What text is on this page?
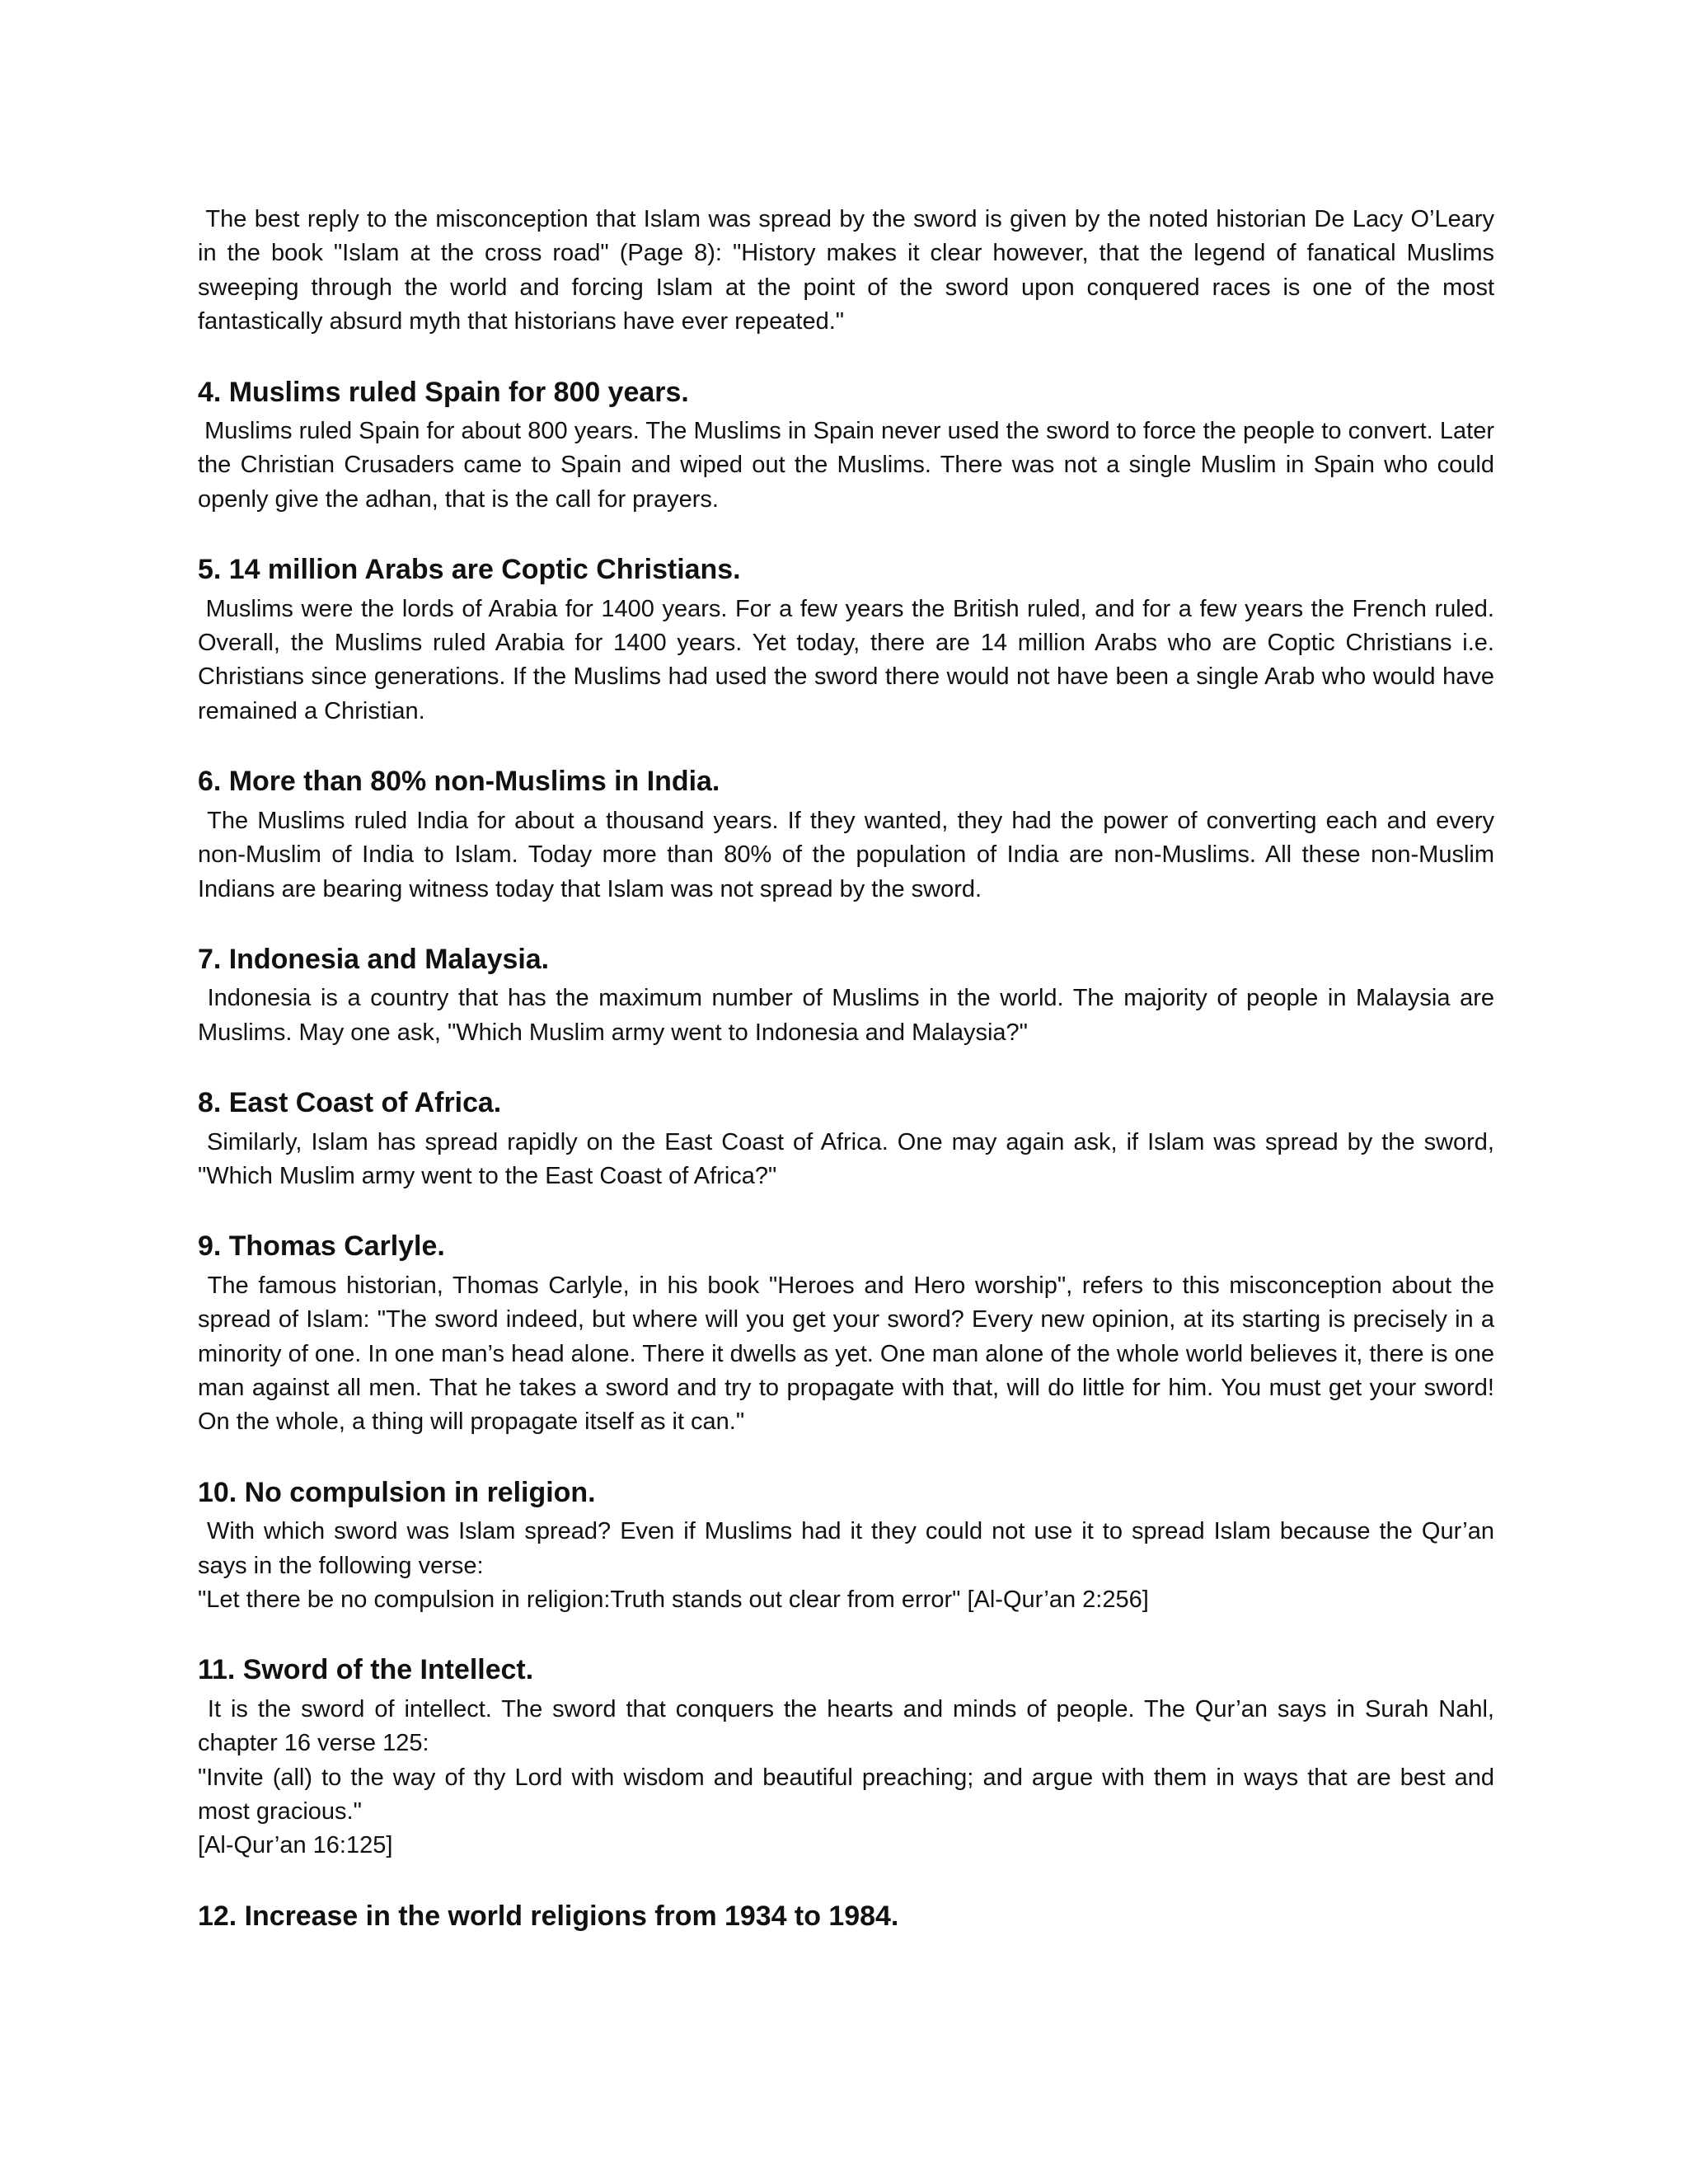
The best reply to the misconception that Islam was spread by the sword is given by the noted historian De Lacy O’Leary in the book "Islam at the cross road" (Page 8): "History makes it clear however, that the legend of fanatical Muslims sweeping through the world and forcing Islam at the point of the sword upon conquered races is one of the most fantastically absurd myth that historians have ever repeated."

4. Muslims ruled Spain for 800 years.

Muslims ruled Spain for about 800 years. The Muslims in Spain never used the sword to force the people to convert. Later the Christian Crusaders came to Spain and wiped out the Muslims. There was not a single Muslim in Spain who could openly give the adhan, that is the call for prayers.

5. 14 million Arabs are Coptic Christians.

Muslims were the lords of Arabia for 1400 years. For a few years the British ruled, and for a few years the French ruled. Overall, the Muslims ruled Arabia for 1400 years. Yet today, there are 14 million Arabs who are Coptic Christians i.e. Christians since generations. If the Muslims had used the sword there would not have been a single Arab who would have remained a Christian.

6. More than 80% non-Muslims in India.

The Muslims ruled India for about a thousand years. If they wanted, they had the power of converting each and every non-Muslim of India to Islam. Today more than 80% of the population of India are non-Muslims. All these non-Muslim Indians are bearing witness today that Islam was not spread by the sword.

7. Indonesia and Malaysia.

Indonesia is a country that has the maximum number of Muslims in the world. The majority of people in Malaysia are Muslims. May one ask, "Which Muslim army went to Indonesia and Malaysia?"

8. East Coast of Africa.

Similarly, Islam has spread rapidly on the East Coast of Africa. One may again ask, if Islam was spread by the sword, "Which Muslim army went to the East Coast of Africa?"

9. Thomas Carlyle.

The famous historian, Thomas Carlyle, in his book "Heroes and Hero worship", refers to this misconception about the spread of Islam: "The sword indeed, but where will you get your sword? Every new opinion, at its starting is precisely in a minority of one. In one man’s head alone. There it dwells as yet. One man alone of the whole world believes it, there is one man against all men. That he takes a sword and try to propagate with that, will do little for him. You must get your sword! On the whole, a thing will propagate itself as it can."

10. No compulsion in religion.

With which sword was Islam spread? Even if Muslims had it they could not use it to spread Islam because the Qur’an says in the following verse:

"Let there be no compulsion in religion:Truth stands out clear from error" [Al-Qur’an 2:256]

11. Sword of the Intellect.

It is the sword of intellect. The sword that conquers the hearts and minds of people. The Qur’an says in Surah Nahl, chapter 16 verse 125:

"Invite (all) to the way of thy Lord with wisdom and beautiful preaching; and argue with them in ways that are best and most gracious."

[Al-Qur’an 16:125]

12. Increase in the world religions from 1934 to 1984.
